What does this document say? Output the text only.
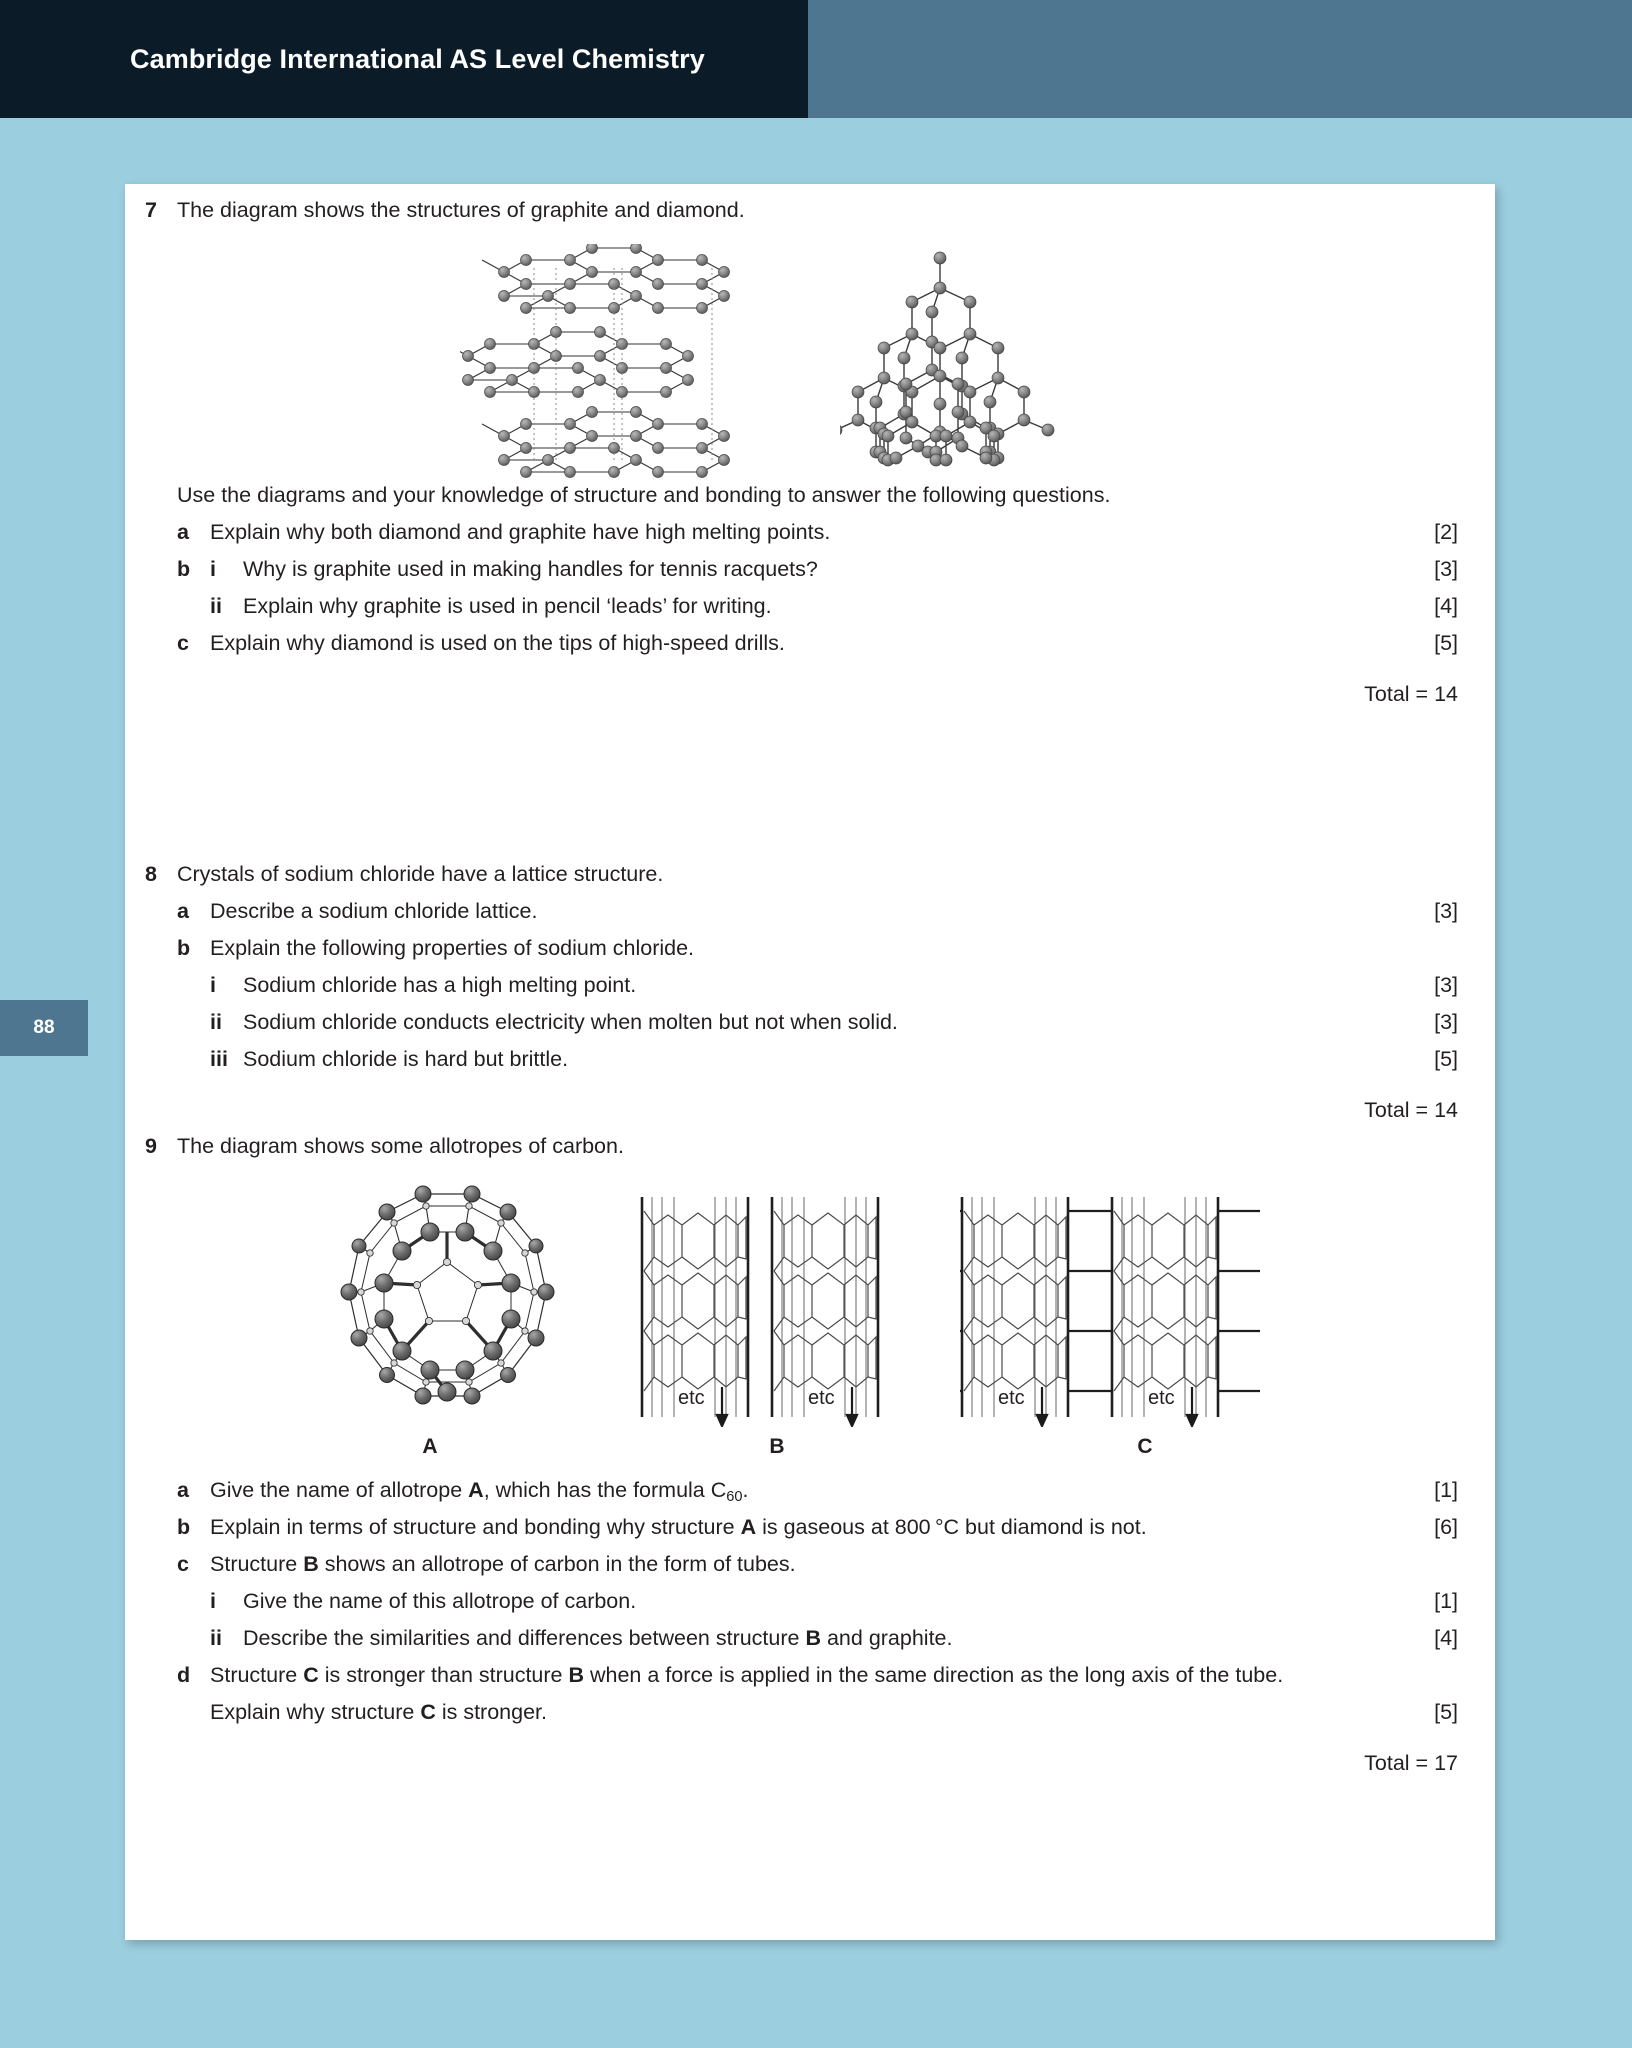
Cambridge International AS Level Chemistry
88
7 The diagram shows the structures of graphite and diamond.
Use the diagrams and your knowledge of structure and bonding to answer the following questions.
a Explain why both diamond and graphite have high melting points.	[2]
b i Why is graphite used in making handles for tennis racquets?	[3]
ii Explain why graphite is used in pencil ‘leads’ for writing.	[4]
c Explain why diamond is used on the tips of high-speed drills.	[5]
Total = 14
8 Crystals of sodium chloride have a lattice structure.
a Describe a sodium chloride lattice.	[3]
b Explain the following properties of sodium chloride.
i Sodium chloride has a high melting point.	[3]
ii Sodium chloride conducts electricity when molten but not when solid.	[3]
iii Sodium chloride is hard but brittle.	[5]
Total = 14
9 The diagram shows some allotropes of carbon.
A
etc	etc
B
etc	etc
C
a Give the name of allotrope A, which has the formula $C_{60}$.	[1]
b Explain in terms of structure and bonding why structure A is gaseous at 800 °C but diamond is not.	[6]
c Structure B shows an allotrope of carbon in the form of tubes.
i Give the name of this allotrope of carbon.	[1]
ii Describe the similarities and differences between structure B and graphite.	[4]
d Structure C is stronger than structure B when a force is applied in the same direction as the long axis of the tube.
Explain why structure C is stronger.	[5]
Total = 17
